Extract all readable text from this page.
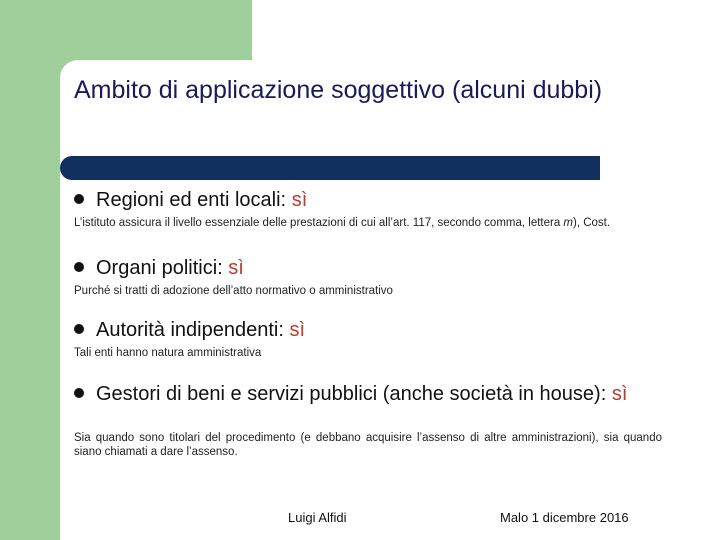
Ambito di applicazione soggettivo (alcuni dubbi)
Regioni ed enti locali: sì
L’istituto assicura il livello essenziale delle prestazioni di cui all’art. 117, secondo comma, lettera m), Cost.
Organi politici: sì
Purché si tratti di adozione dell’atto normativo o amministrativo
Autorità indipendenti: sì
Tali enti hanno natura amministrativa
Gestori di beni e servizi pubblici (anche società in house): sì
Sia quando sono titolari del procedimento (e debbano acquisire l’assenso di altre amministrazioni), sia quando siano chiamati a dare l’assenso.
Luigi Alfidi	Malo 1 dicembre 2016
